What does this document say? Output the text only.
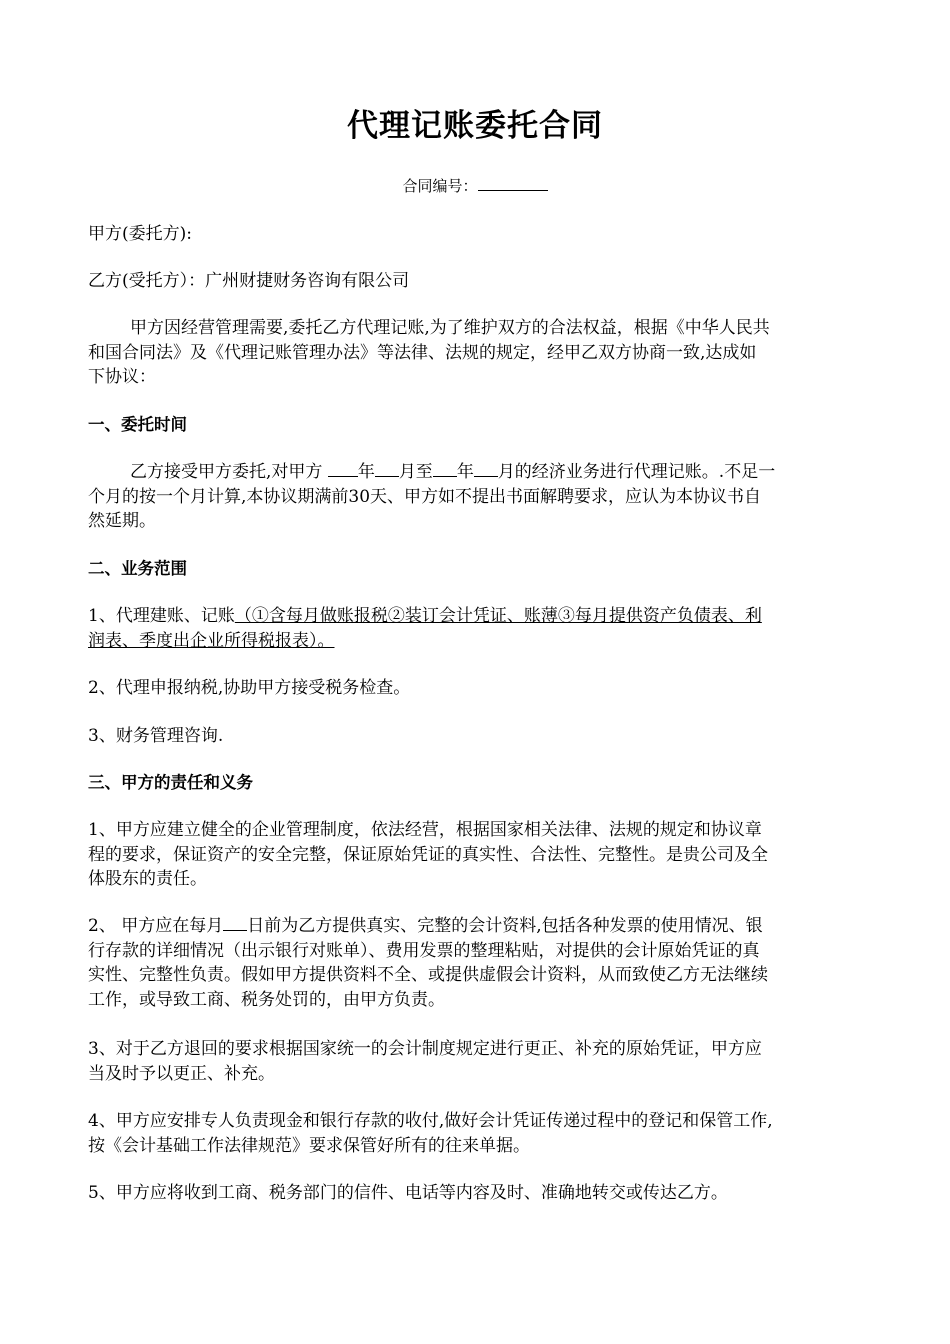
代理记账委托合同
合同编号：
甲方(委托方):
乙方(受托方）：广州财捷财务咨询有限公司
甲方因经营管理需要,委托乙方代理记账,为了维护双方的合法权益，根据《中华人民共
和国合同法》及《代理记账管理办法》等法律、法规的规定，经甲乙双方协商一致,达成如
下协议：
一、委托时间
乙方接受甲方委托,对甲方 年 月至 年 月的经济业务进行代理记账。.不足一
个月的按一个月计算,本协议期满前30天、甲方如不提出书面解聘要求，应认为本协议书自
然延期。
二、业务范围
1、代理建账、记账（①含每月做账报税②装订会计凭证、账薄③每月提供资产负债表、利
润表、季度出企业所得税报表）。
2、代理申报纳税,协助甲方接受税务检查。
3、财务管理咨询.
三、甲方的责任和义务
1、甲方应建立健全的企业管理制度，依法经营，根据国家相关法律、法规的规定和协议章
程的要求，保证资产的安全完整，保证原始凭证的真实性、合法性、完整性。是贵公司及全
体股东的责任。
2、 甲方应在每月 日前为乙方提供真实、完整的会计资料,包括各种发票的使用情况、银
行存款的详细情况（出示银行对账单）、费用发票的整理粘贴，对提供的会计原始凭证的真
实性、完整性负责。假如甲方提供资料不全、或提供虚假会计资料，从而致使乙方无法继续
工作，或导致工商、税务处罚的，由甲方负责。
3、对于乙方退回的要求根据国家统一的会计制度规定进行更正、补充的原始凭证，甲方应
当及时予以更正、补充。
4、甲方应安排专人负责现金和银行存款的收付,做好会计凭证传递过程中的登记和保管工作,
按《会计基础工作法律规范》要求保管好所有的往来单据。
5、甲方应将收到工商、税务部门的信件、电话等内容及时、准确地转交或传达乙方。
